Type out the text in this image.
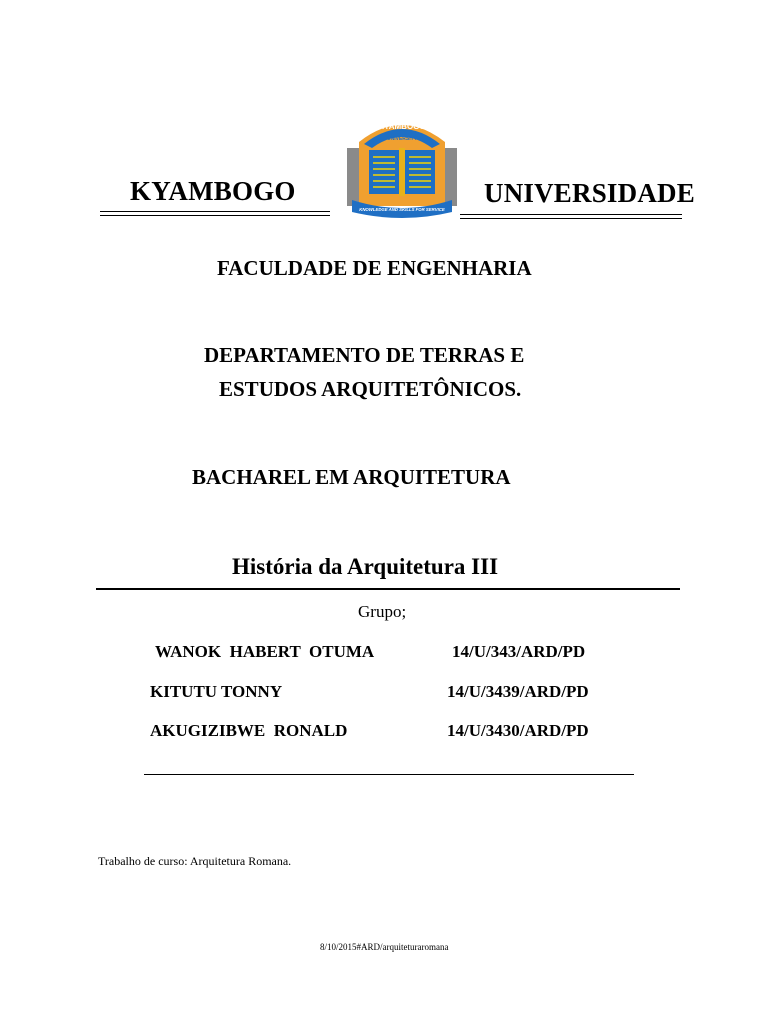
KYAMBOGO	UNIVERSIDADE
KYAMBOGO
UNIVERSITY
KNOWLEDGE AND SKILLS FOR SERVICE
FACULDADE DE ENGENHARIA
DEPARTAMENTO DE TERRAS E
ESTUDOS ARQUITETÔNICOS.
BACHAREL EM ARQUITETURA
História da Arquitetura III
Grupo;
WANOK  HABERT  OTUMA	14/U/343/ARD/PD
KITUTU TONNY	14/U/3439/ARD/PD
AKUGIZIBWE  RONALD	14/U/3430/ARD/PD
Trabalho de curso: Arquitetura Romana.
8/10/2015#ARD/arquiteturaromana
